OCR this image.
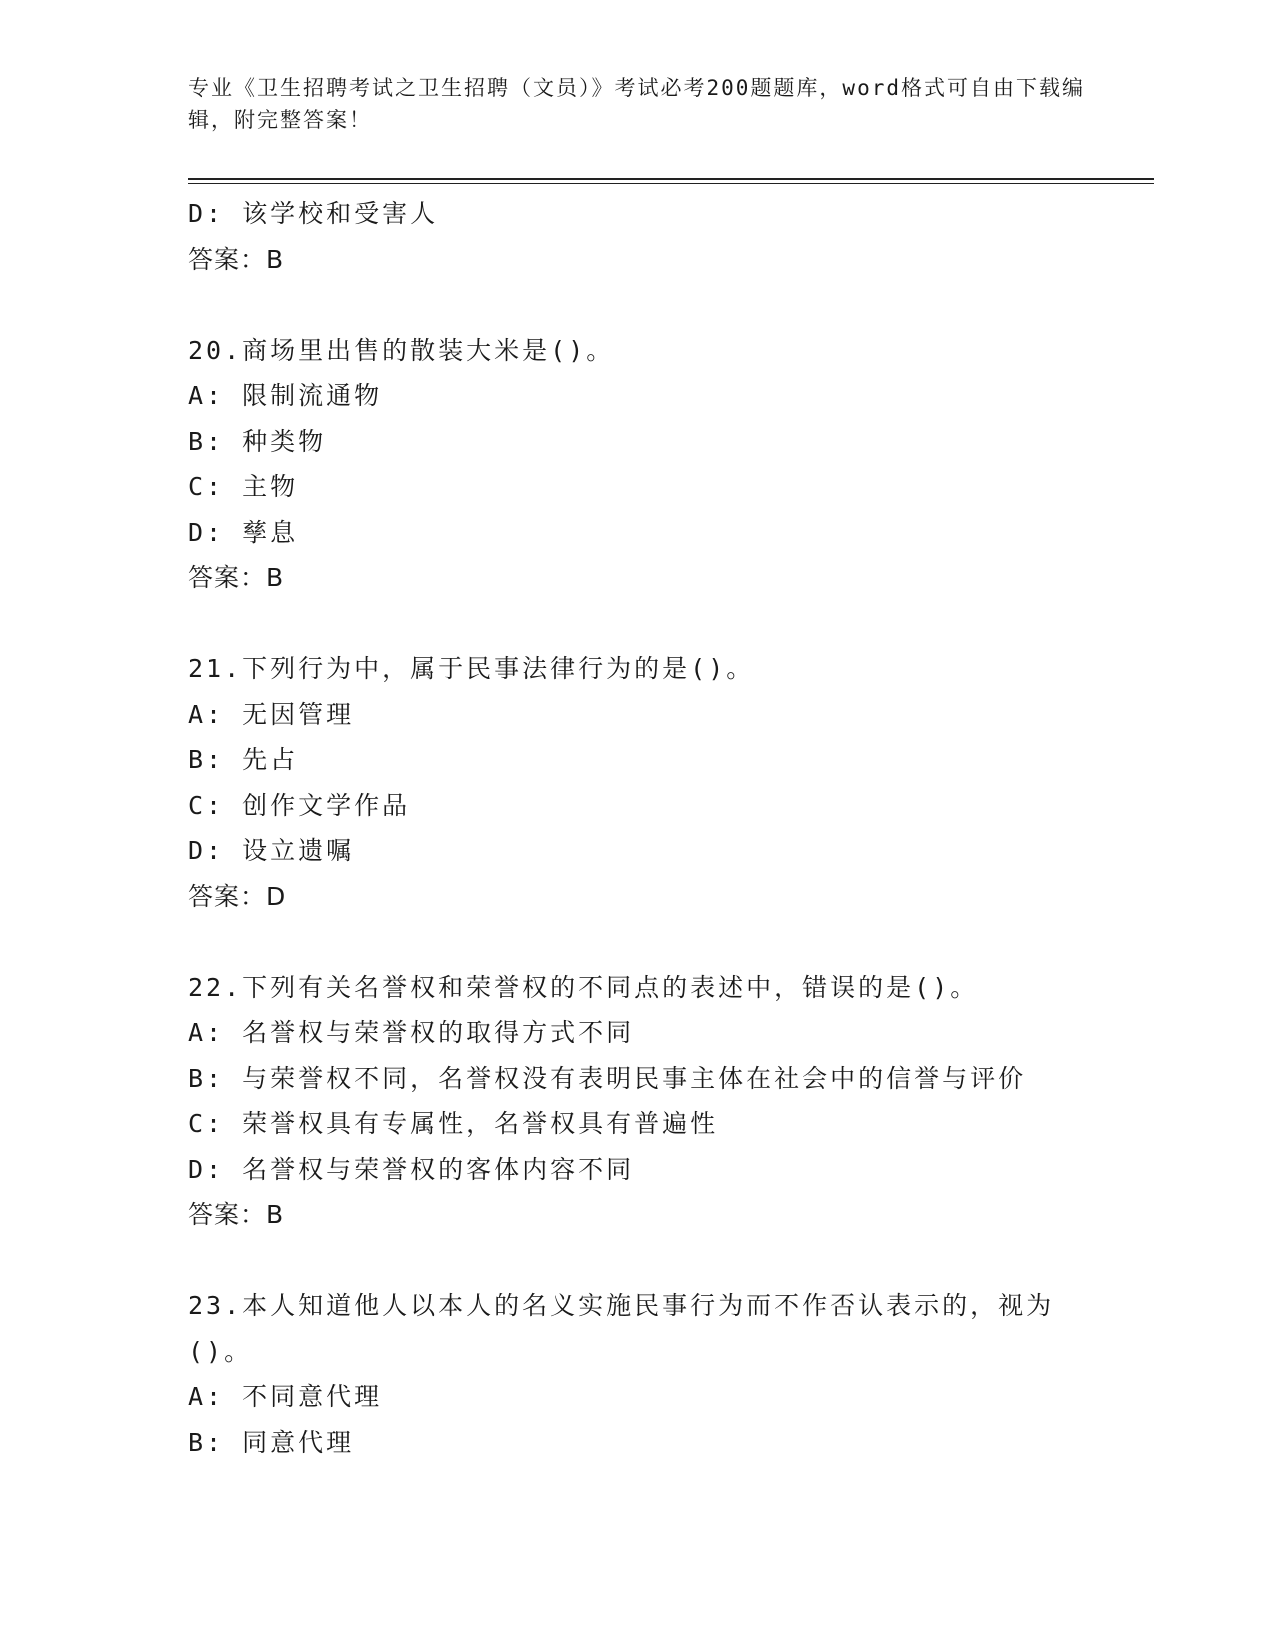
专业《卫生招聘考试之卫生招聘（文员）》考试必考200题题库，word格式可自由下载编辑，附完整答案！
D: 该学校和受害人
答案：B
20.商场里出售的散装大米是()。
A: 限制流通物
B: 种类物
C: 主物
D: 孳息
答案：B
21.下列行为中，属于民事法律行为的是()。
A: 无因管理
B: 先占
C: 创作文学作品
D: 设立遗嘱
答案：D
22.下列有关名誉权和荣誉权的不同点的表述中，错误的是()。
A: 名誉权与荣誉权的取得方式不同
B: 与荣誉权不同，名誉权没有表明民事主体在社会中的信誉与评价
C: 荣誉权具有专属性，名誉权具有普遍性
D: 名誉权与荣誉权的客体内容不同
答案：B
23.本人知道他人以本人的名义实施民事行为而不作否认表示的，视为()。
A: 不同意代理
B: 同意代理
